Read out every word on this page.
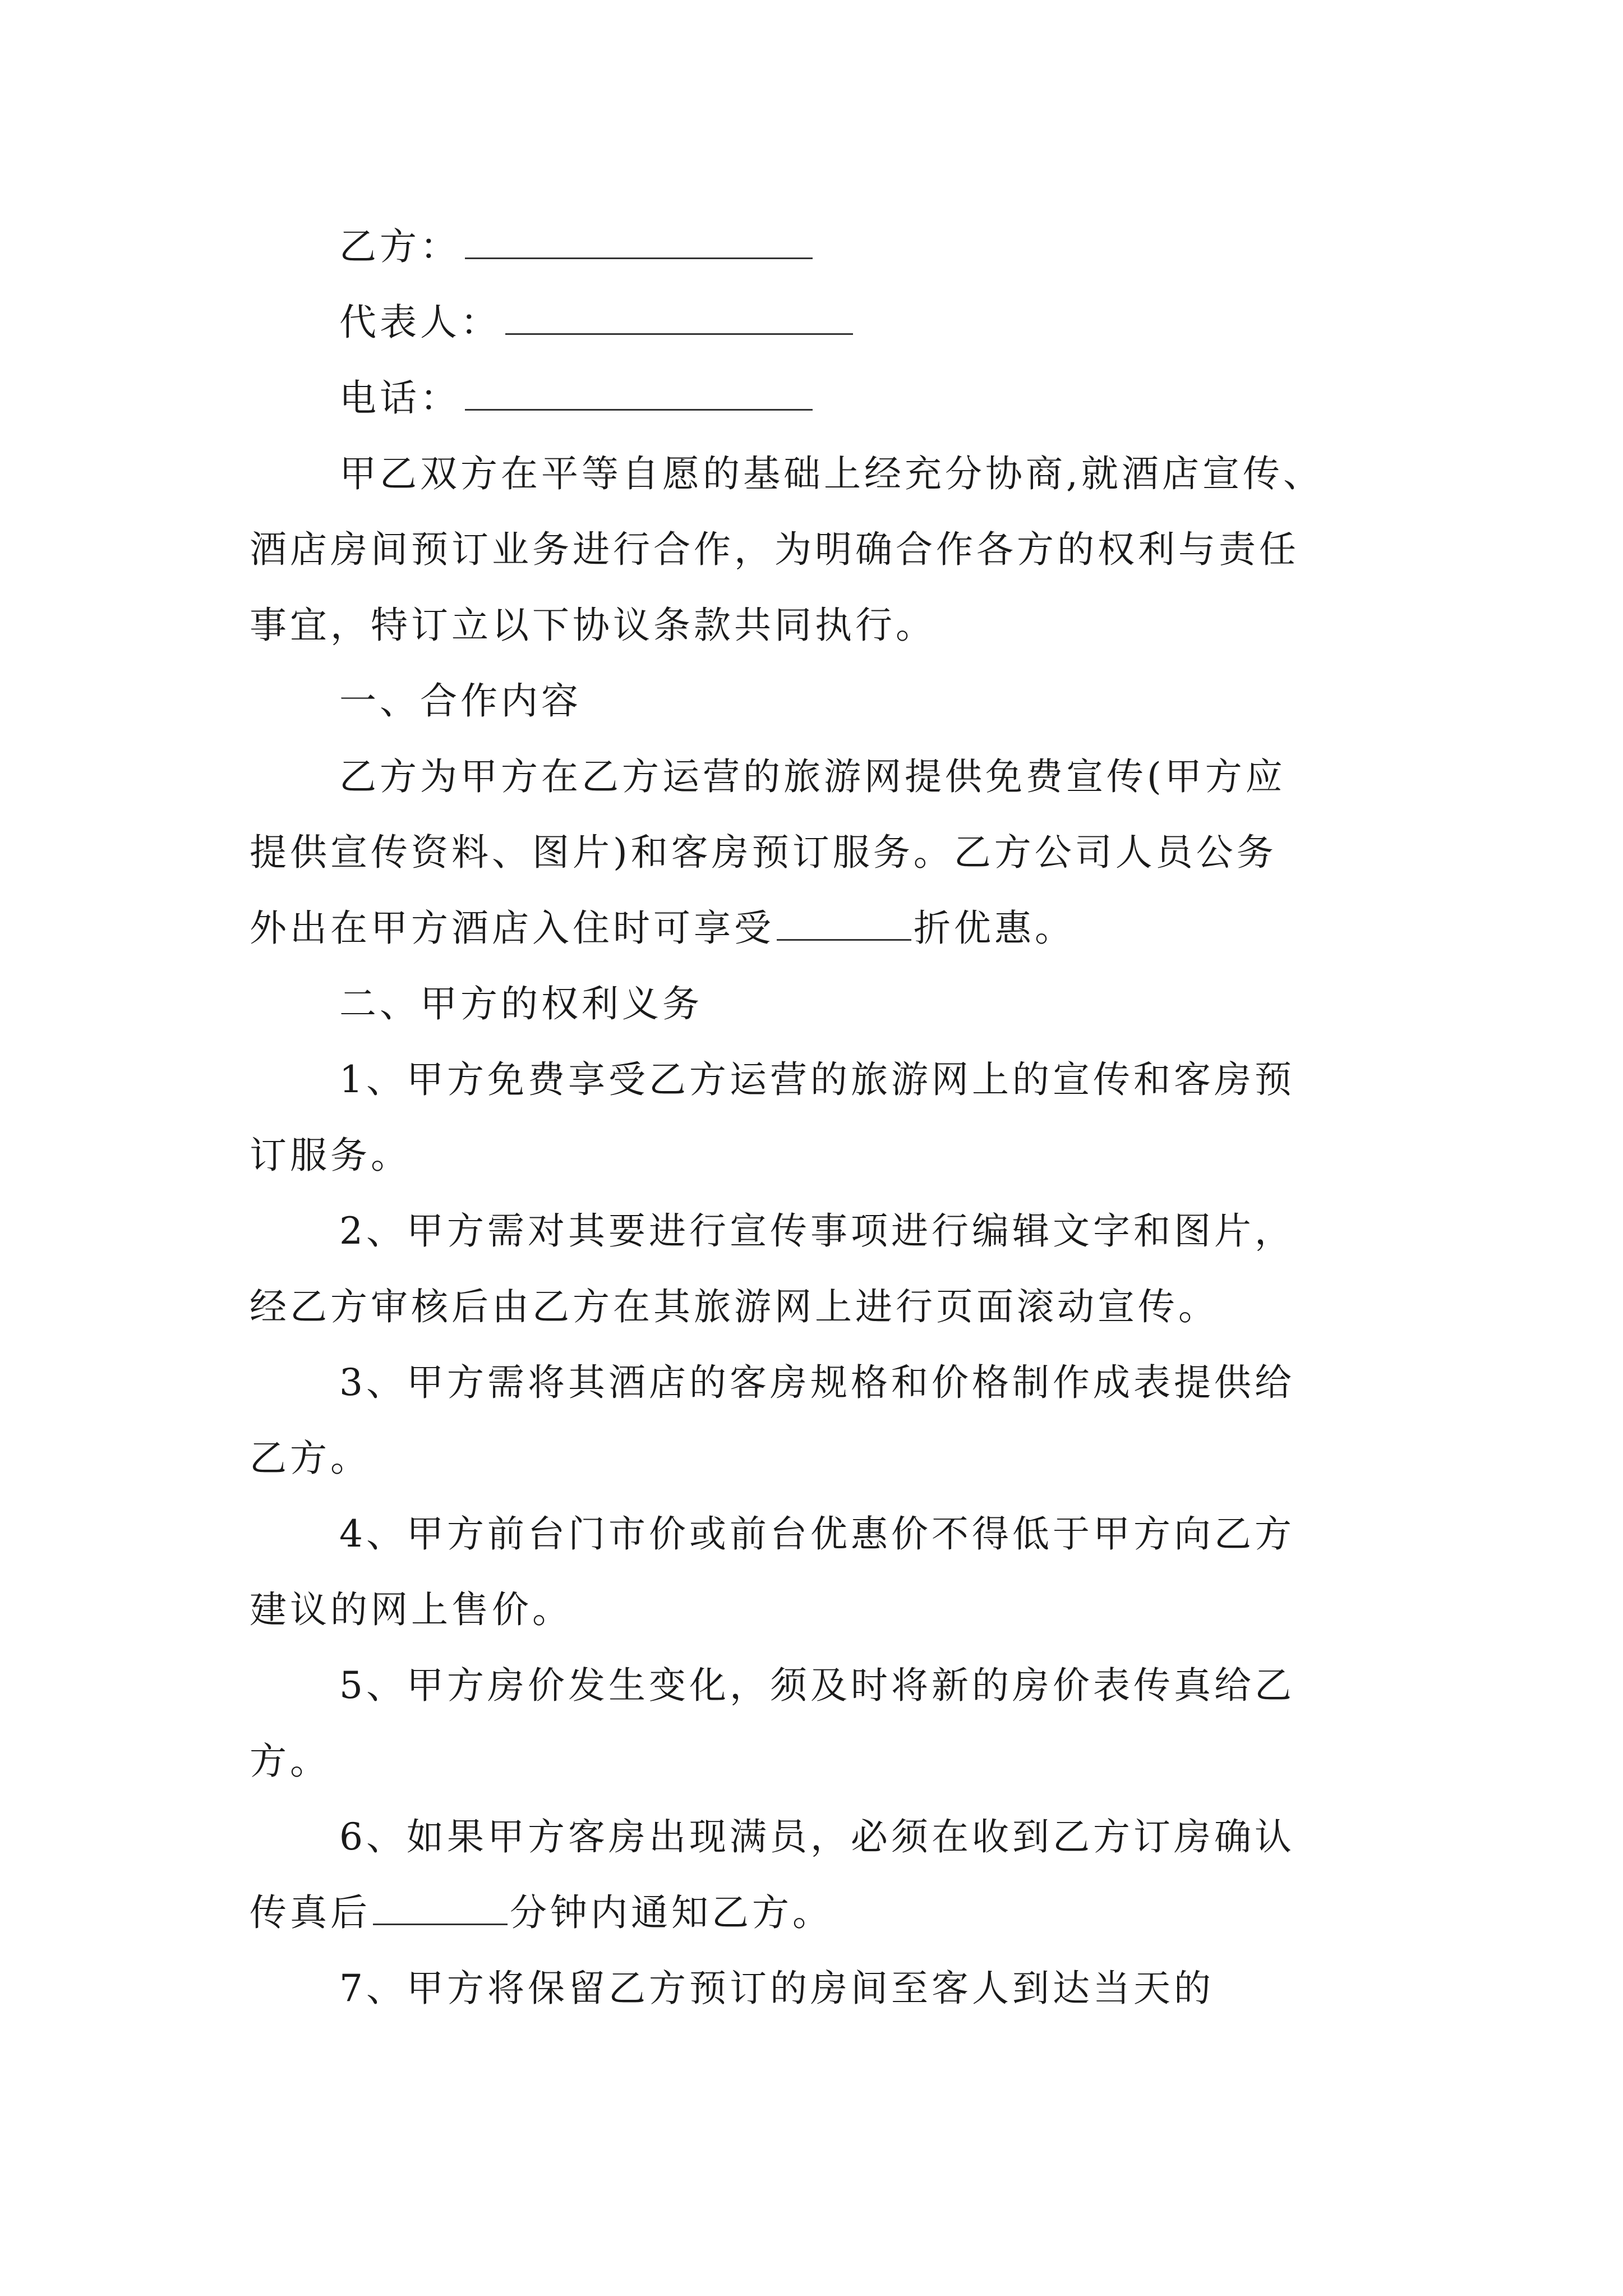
乙方：
代表人：
电话：
甲乙双方在平等自愿的基础上经充分协商,就酒店宣传、
酒店房间预订业务进行合作，为明确合作各方的权利与责任
事宜，特订立以下协议条款共同执行。
一、合作内容
乙方为甲方在乙方运营的旅游网提供免费宣传(甲方应
提供宣传资料、图片)和客房预订服务。乙方公司人员公务
外出在甲方酒店入住时可享受	折优惠。
二、甲方的权利义务
1、甲方免费享受乙方运营的旅游网上的宣传和客房预
订服务。
2、甲方需对其要进行宣传事项进行编辑文字和图片，
经乙方审核后由乙方在其旅游网上进行页面滚动宣传。
3、甲方需将其酒店的客房规格和价格制作成表提供给
乙方。
4、甲方前台门市价或前台优惠价不得低于甲方向乙方
建议的网上售价。
5、甲方房价发生变化，须及时将新的房价表传真给乙
方。
6、如果甲方客房出现满员，必须在收到乙方订房确认
传真后	分钟内通知乙方。
7、甲方将保留乙方预订的房间至客人到达当天的
